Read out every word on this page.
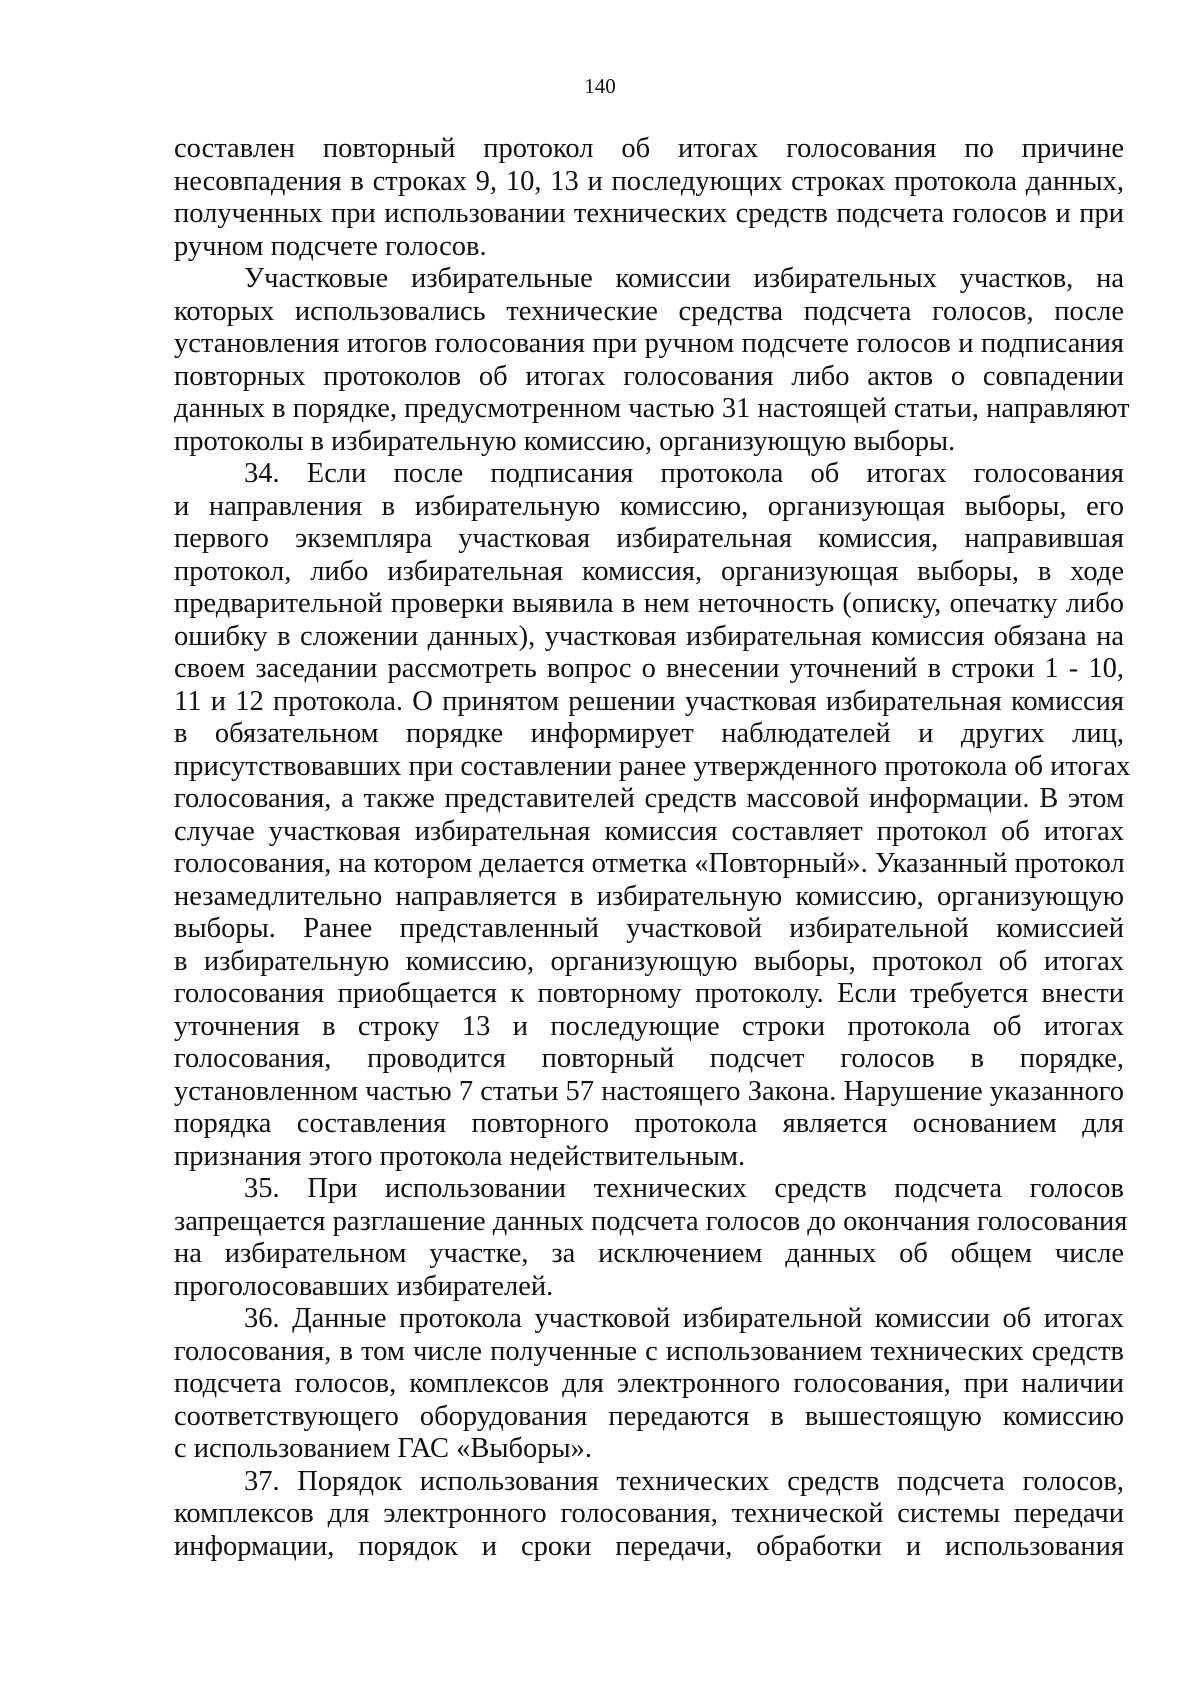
140

составлен повторный протокол об итогах голосования по причине
несовпадения в строках 9, 10, 13 и последующих строках протокола данных,
полученных при использовании технических средств подсчета голосов и при
ручном подсчете голосов.

Участковые избирательные комиссии избирательных участков, на
которых использовались технические средства подсчета голосов, после
установления итогов голосования при ручном подсчете голосов и подписания
повторных протоколов об итогах голосования либо актов о совпадении
данных в порядке, предусмотренном частью 31 настоящей статьи, направляют
протоколы в избирательную комиссию, организующую выборы.

34. Если после подписания протокола об итогах голосования
и направления в избирательную комиссию, организующая выборы, его
первого экземпляра участковая избирательная комиссия, направившая
протокол, либо избирательная комиссия, организующая выборы, в ходе
предварительной проверки выявила в нем неточность (описку, опечатку либо
ошибку в сложении данных), участковая избирательная комиссия обязана на
своем заседании рассмотреть вопрос о внесении уточнений в строки 1 - 10,
11 и 12 протокола. О принятом решении участковая избирательная комиссия
в обязательном порядке информирует наблюдателей и других лиц,
присутствовавших при составлении ранее утвержденного протокола об итогах
голосования, а также представителей средств массовой информации. В этом
случае участковая избирательная комиссия составляет протокол об итогах
голосования, на котором делается отметка «Повторный». Указанный протокол
незамедлительно направляется в избирательную комиссию, организующую
выборы. Ранее представленный участковой избирательной комиссией
в избирательную комиссию, организующую выборы, протокол об итогах
голосования приобщается к повторному протоколу. Если требуется внести
уточнения в строку 13 и последующие строки протокола об итогах
голосования, проводится повторный подсчет голосов в порядке,
установленном частью 7 статьи 57 настоящего Закона. Нарушение указанного
порядка составления повторного протокола является основанием для
признания этого протокола недействительным.

35. При использовании технических средств подсчета голосов
запрещается разглашение данных подсчета голосов до окончания голосования
на избирательном участке, за исключением данных об общем числе
проголосовавших избирателей.

36. Данные протокола участковой избирательной комиссии об итогах
голосования, в том числе полученные с использованием технических средств
подсчета голосов, комплексов для электронного голосования, при наличии
соответствующего оборудования передаются в вышестоящую комиссию
с использованием ГАС «Выборы».

37. Порядок использования технических средств подсчета голосов,
комплексов для электронного голосования, технической системы передачи
информации, порядок и сроки передачи, обработки и использования
